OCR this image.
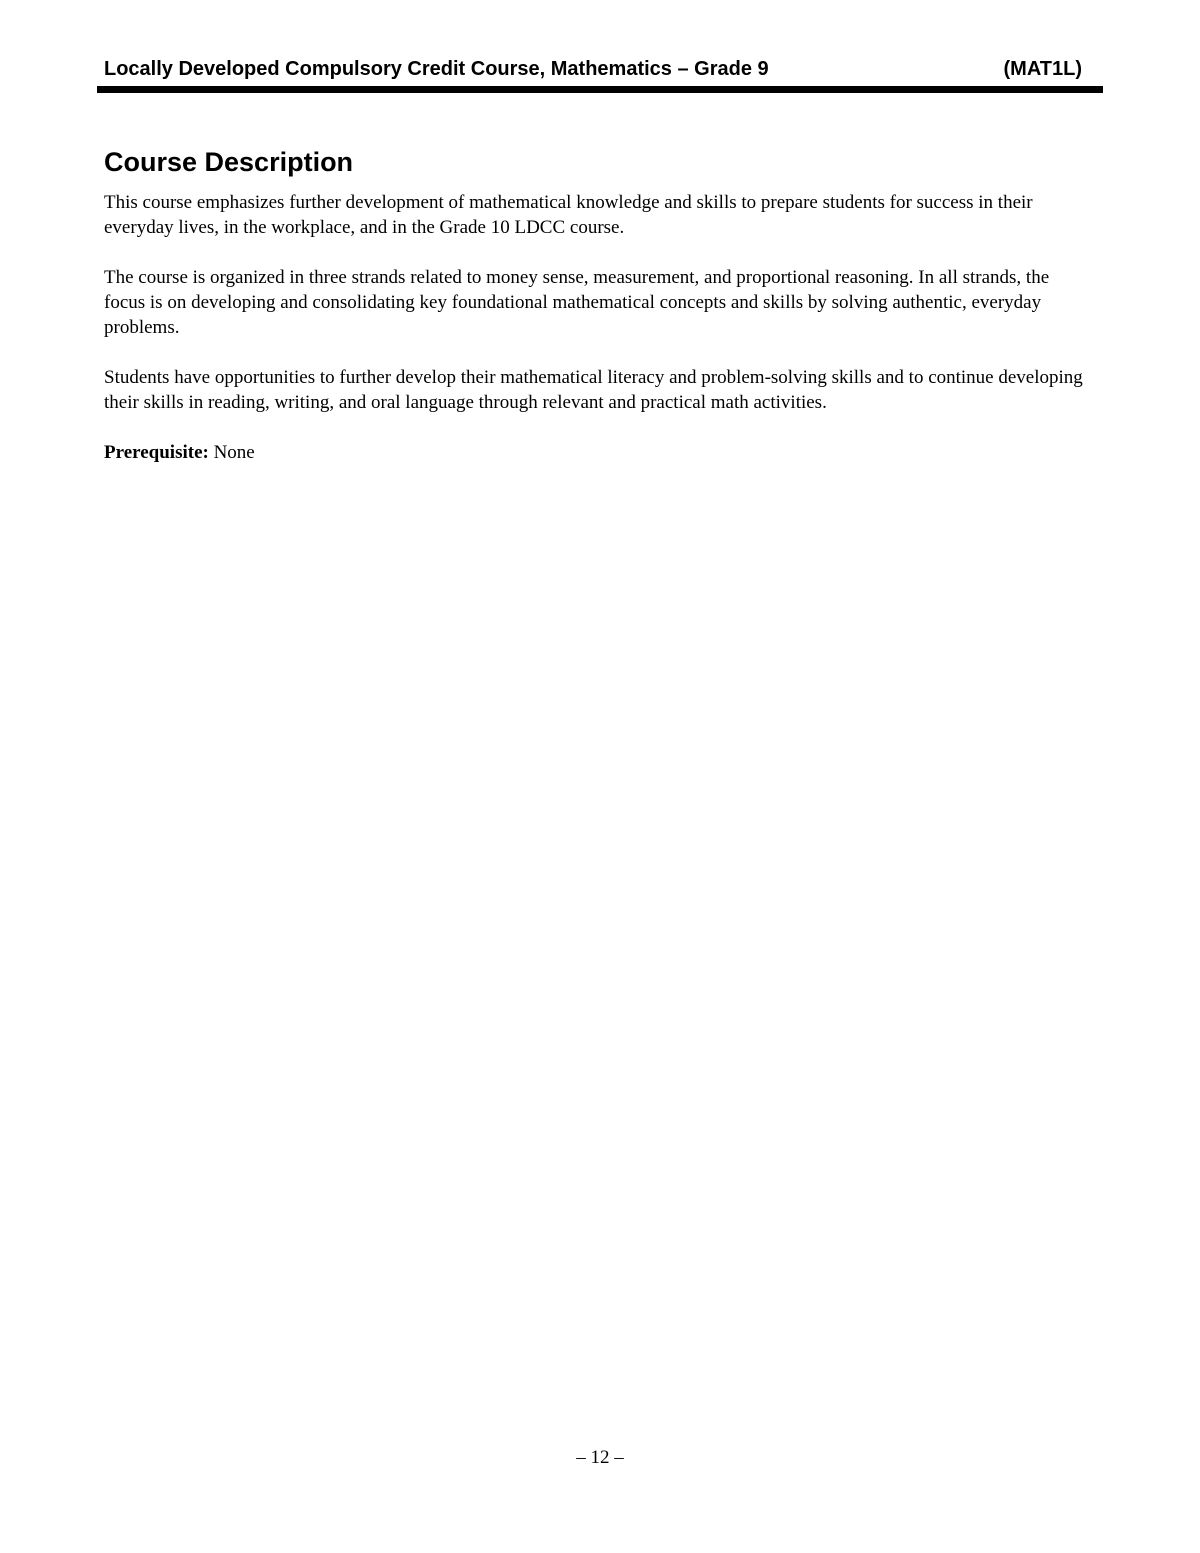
Locally Developed Compulsory Credit Course, Mathematics – Grade 9	(MAT1L)
Course Description

This course emphasizes further development of mathematical knowledge and skills to prepare students for success in their everyday lives, in the workplace, and in the Grade 10 LDCC course.

The course is organized in three strands related to money sense, measurement, and proportional reasoning. In all strands, the focus is on developing and consolidating key foundational mathematical concepts and skills by solving authentic, everyday problems.

Students have opportunities to further develop their mathematical literacy and problem-solving skills and to continue developing their skills in reading, writing, and oral language through relevant and practical math activities.

Prerequisite: None

– 12 –
